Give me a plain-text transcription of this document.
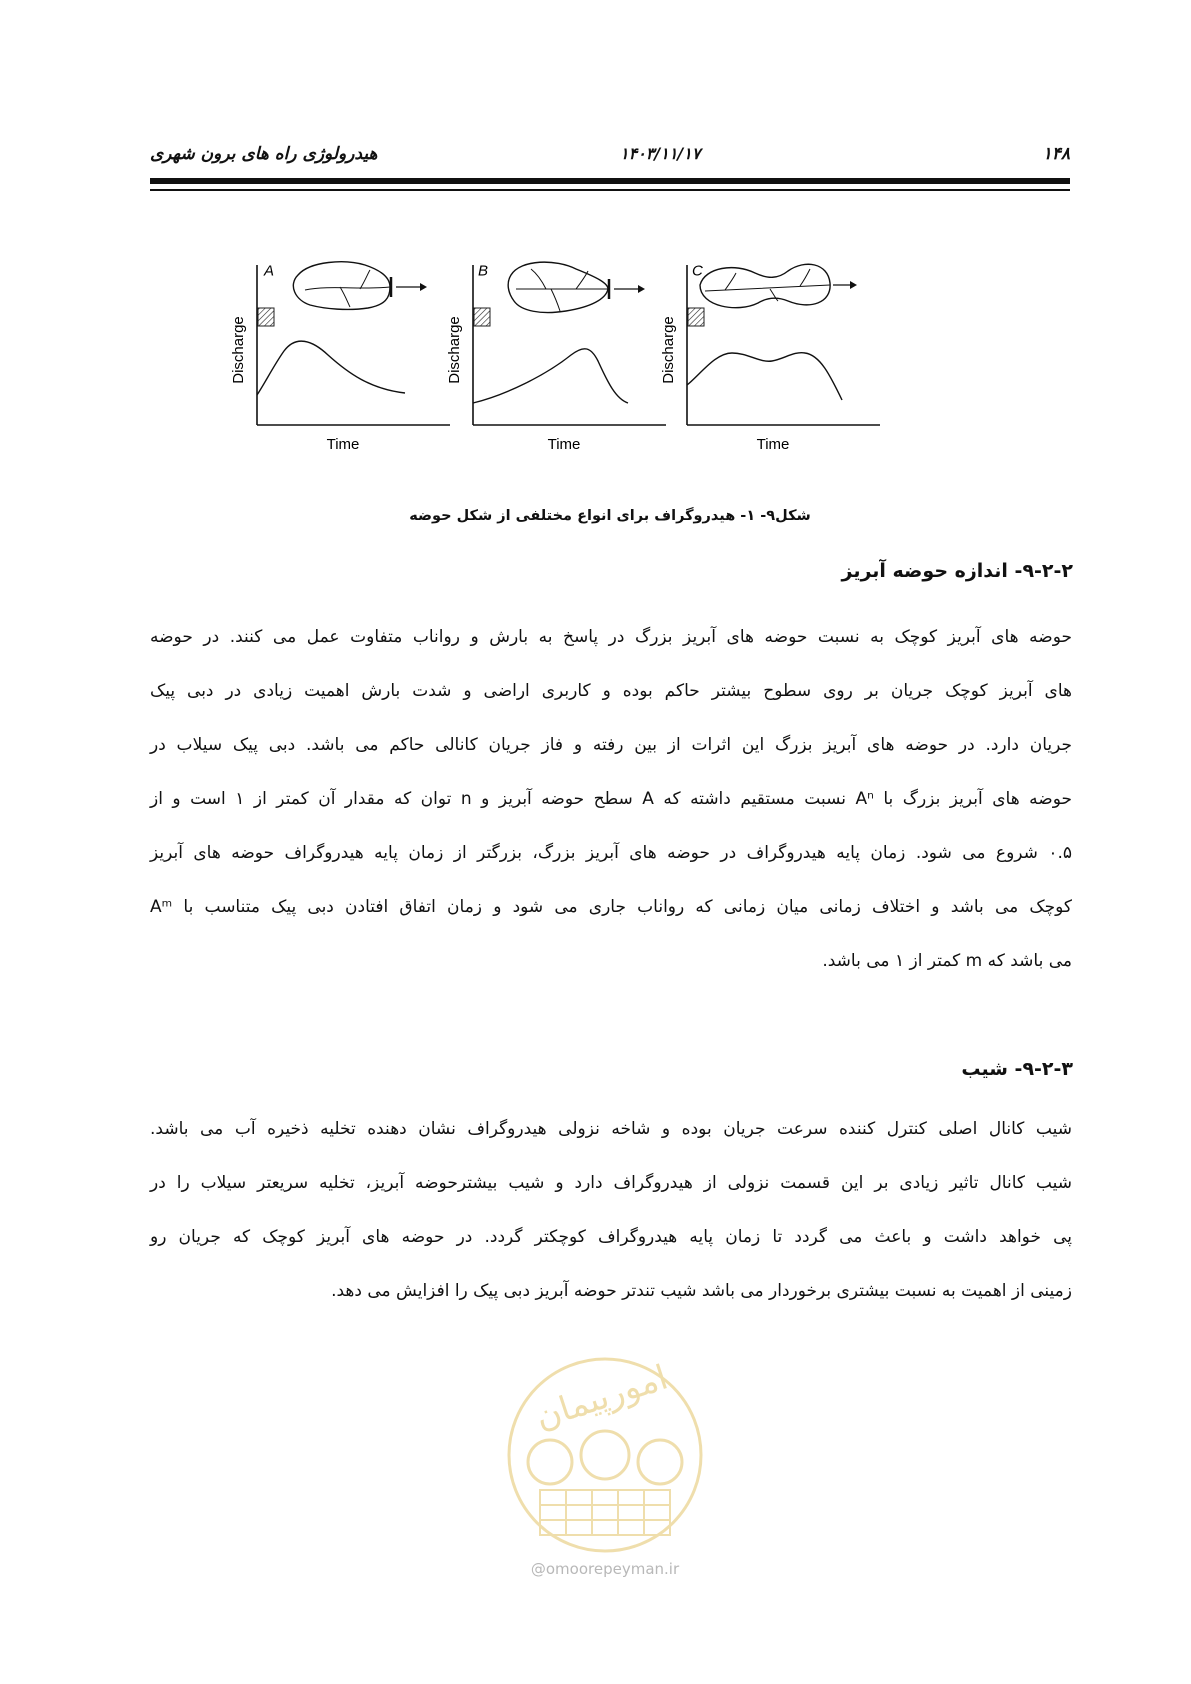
هیدرولوژی راه های برون شهری	۱۴۰۳/۱۱/۱۷	۱۴۸
A
Discharge
Time
B
Discharge
Time
C
Discharge
Time
شکل۹- ۱- هیدروگراف برای انواع مختلفی از شکل حوضه
۹-۲-۲- اندازه حوضه آبریز
حوضه های آبریز کوچک به نسبت حوضه های آبریز بزرگ در پاسخ به بارش و رواناب متفاوت عمل می کنند. در حوضه
های آبریز کوچک جریان بر روی سطوح بیشتر حاکم بوده و کاربری اراضی و شدت بارش اهمیت زیادی در دبی پیک
جریان دارد. در حوضه های آبریز بزرگ این اثرات از بین رفته و فاز جریان کانالی حاکم می باشد. دبی پیک سیلاب در
حوضه های آبریز بزرگ با Aⁿ نسبت مستقیم داشته که A سطح حوضه آبریز و n توان که مقدار آن کمتر از ۱ است و از
۰.۵ شروع می شود. زمان پایه هیدروگراف در حوضه های آبریز بزرگ، بزرگتر از زمان پایه هیدروگراف حوضه های آبریز
کوچک می باشد و اختلاف زمانی میان زمانی که رواناب جاری می شود و زمان اتفاق افتادن دبی پیک متناسب با Aᵐ
می باشد که m کمتر از ۱ می باشد.
۹-۲-۳- شیب
شیب کانال اصلی کنترل کننده سرعت جریان بوده و شاخه نزولی هیدروگراف نشان دهنده تخلیه ذخیره آب می باشد.
شیب کانال تاثیر زیادی بر این قسمت نزولی از هیدروگراف دارد و شیب بیشترحوضه آبریز، تخلیه سریعتر سیلاب را در
پی خواهد داشت و باعث می گردد تا زمان پایه هیدروگراف کوچکتر گردد. در حوضه های آبریز کوچک که جریان رو
زمینی از اهمیت به نسبت بیشتری برخوردار می باشد شیب تندتر حوضه آبریز دبی پیک را افزایش می دهد.
امورپیمان
@omoorepeyman.ir
